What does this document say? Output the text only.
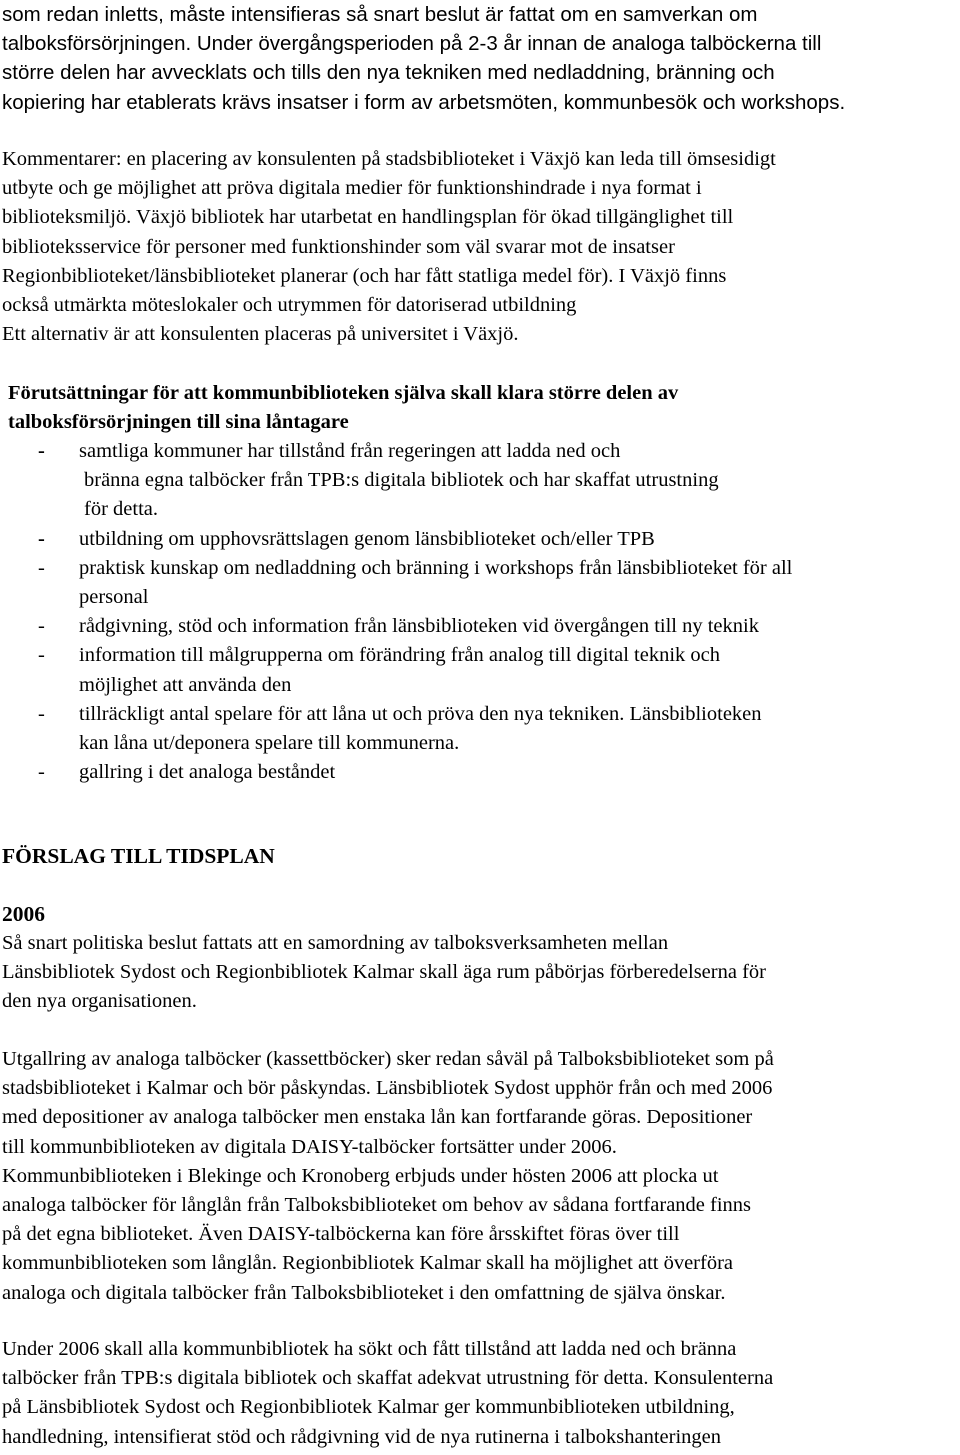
som redan inletts, måste intensifieras så snart beslut är fattat om en samverkan om
talboksförsörjningen. Under övergångsperioden på 2-3 år innan de analoga talböckerna till
större delen har avvecklats och tills den nya tekniken med nedladdning, bränning och
kopiering har etablerats krävs insatser i form av arbetsmöten, kommunbesök och workshops.
Kommentarer: en placering av konsulenten på stadsbiblioteket i Växjö kan leda till ömsesidigt
utbyte och ge möjlighet att pröva digitala medier för funktionshindrade i nya format i
biblioteksmiljö. Växjö bibliotek har utarbetat en handlingsplan för ökad tillgänglighet till
biblioteksservice för personer med funktionshinder som väl svarar mot de insatser
Regionbiblioteket/länsbiblioteket planerar (och har fått statliga medel för). I Växjö finns
också utmärkta möteslokaler och utrymmen för datoriserad utbildning
Ett alternativ är att konsulenten placeras på universitet i Växjö.
Förutsättningar för att kommunbiblioteken själva skall klara större delen av
talboksförsörjningen till sina låntagare
- samtliga kommuner har tillstånd från regeringen att ladda ned och
bränna egna talböcker från TPB:s digitala bibliotek och har skaffat utrustning
för detta.
- utbildning om upphovsrättslagen genom länsbiblioteket och/eller TPB
- praktisk kunskap om nedladdning och bränning i workshops från länsbiblioteket för all
personal
- rådgivning, stöd och information från länsbiblioteken vid övergången till ny teknik
- information till målgrupperna om förändring från analog till digital teknik och
möjlighet att använda den
- tillräckligt antal spelare för att låna ut och pröva den nya tekniken. Länsbiblioteken
kan låna ut/deponera spelare till kommunerna.
- gallring i det analoga beståndet
FÖRSLAG TILL TIDSPLAN
2006
Så snart politiska beslut fattats att en samordning av talboksverksamheten mellan
Länsbibliotek Sydost och Regionbibliotek Kalmar skall äga rum påbörjas förberedelserna för
den nya organisationen.
Utgallring av analoga talböcker (kassettböcker) sker redan såväl på Talboksbiblioteket som på
stadsbiblioteket i Kalmar och bör påskyndas. Länsbibliotek Sydost upphör från och med 2006
med depositioner av analoga talböcker men enstaka lån kan fortfarande göras. Depositioner
till kommunbiblioteken av digitala DAISY-talböcker fortsätter under 2006.
Kommunbiblioteken i Blekinge och Kronoberg erbjuds under hösten 2006 att plocka ut
analoga talböcker för långlån från Talboksbiblioteket om behov av sådana fortfarande finns
på det egna biblioteket. Även DAISY-talböckerna kan före årsskiftet föras över till
kommunbiblioteken som långlån. Regionbibliotek Kalmar skall ha möjlighet att överföra
analoga och digitala talböcker från Talboksbiblioteket i den omfattning de själva önskar.
Under 2006 skall alla kommunbibliotek ha sökt och fått tillstånd att ladda ned och bränna
talböcker från TPB:s digitala bibliotek och skaffat adekvat utrustning för detta. Konsulenterna
på Länsbibliotek Sydost och Regionbibliotek Kalmar ger kommunbiblioteken utbildning,
handledning, intensifierat stöd och rådgivning vid de nya rutinerna i talbokshanteringen
